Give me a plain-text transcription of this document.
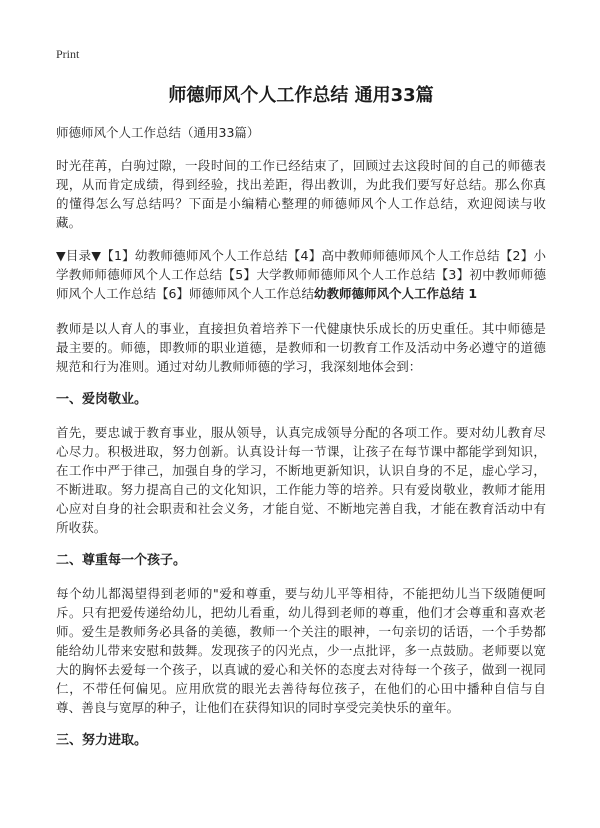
Print
师德师风个人工作总结 通用33篇
师德师风个人工作总结（通用33篇）
时光荏苒，白驹过隙，一段时间的工作已经结束了，回顾过去这段时间的自己的师德表现，从而肯定成绩，得到经验，找出差距，得出教训，为此我们要写好总结。那么你真的懂得怎么写总结吗？下面是小编精心整理的师德师风个人工作总结，欢迎阅读与收藏。
▼目录▼【1】幼教师德师风个人工作总结【4】高中教师师德师风个人工作总结【2】小学教师师德师风个人工作总结【5】大学教师师德师风个人工作总结【3】初中教师师德师风个人工作总结【6】师德师风个人工作总结幼教师德师风个人工作总结 1
教师是以人育人的事业，直接担负着培养下一代健康快乐成长的历史重任。其中师德是最主要的。师德，即教师的职业道德，是教师和一切教育工作及活动中务必遵守的道德规范和行为准则。通过对幼儿教师师德的学习，我深刻地体会到：
一、爱岗敬业。
首先，要忠诚于教育事业，服从领导，认真完成领导分配的各项工作。要对幼儿教育尽心尽力。积极进取，努力创新。认真设计每一节课，让孩子在每节课中都能学到知识，在工作中严于律己，加强自身的学习，不断地更新知识，认识自身的不足，虚心学习，不断进取。努力提高自己的文化知识，工作能力等的培养。只有爱岗敬业，教师才能用心应对自身的社会职责和社会义务，才能自觉、不断地完善自我，才能在教育活动中有所收获。
二、尊重每一个孩子。
每个幼儿都渴望得到老师的"爱和尊重，要与幼儿平等相待，不能把幼儿当下级随便呵斥。只有把爱传递给幼儿，把幼儿看重，幼儿得到老师的尊重，他们才会尊重和喜欢老师。爱生是教师务必具备的美德，教师一个关注的眼神，一句亲切的话语，一个手势都能给幼儿带来安慰和鼓舞。发现孩子的闪光点，少一点批评，多一点鼓励。老师要以宽大的胸怀去爱每一个孩子，以真诚的爱心和关怀的态度去对待每一个孩子，做到一视同仁，不带任何偏见。应用欣赏的眼光去善待每位孩子，在他们的心田中播种自信与自尊、善良与宽厚的种子，让他们在获得知识的同时享受完美快乐的童年。
三、努力进取。
